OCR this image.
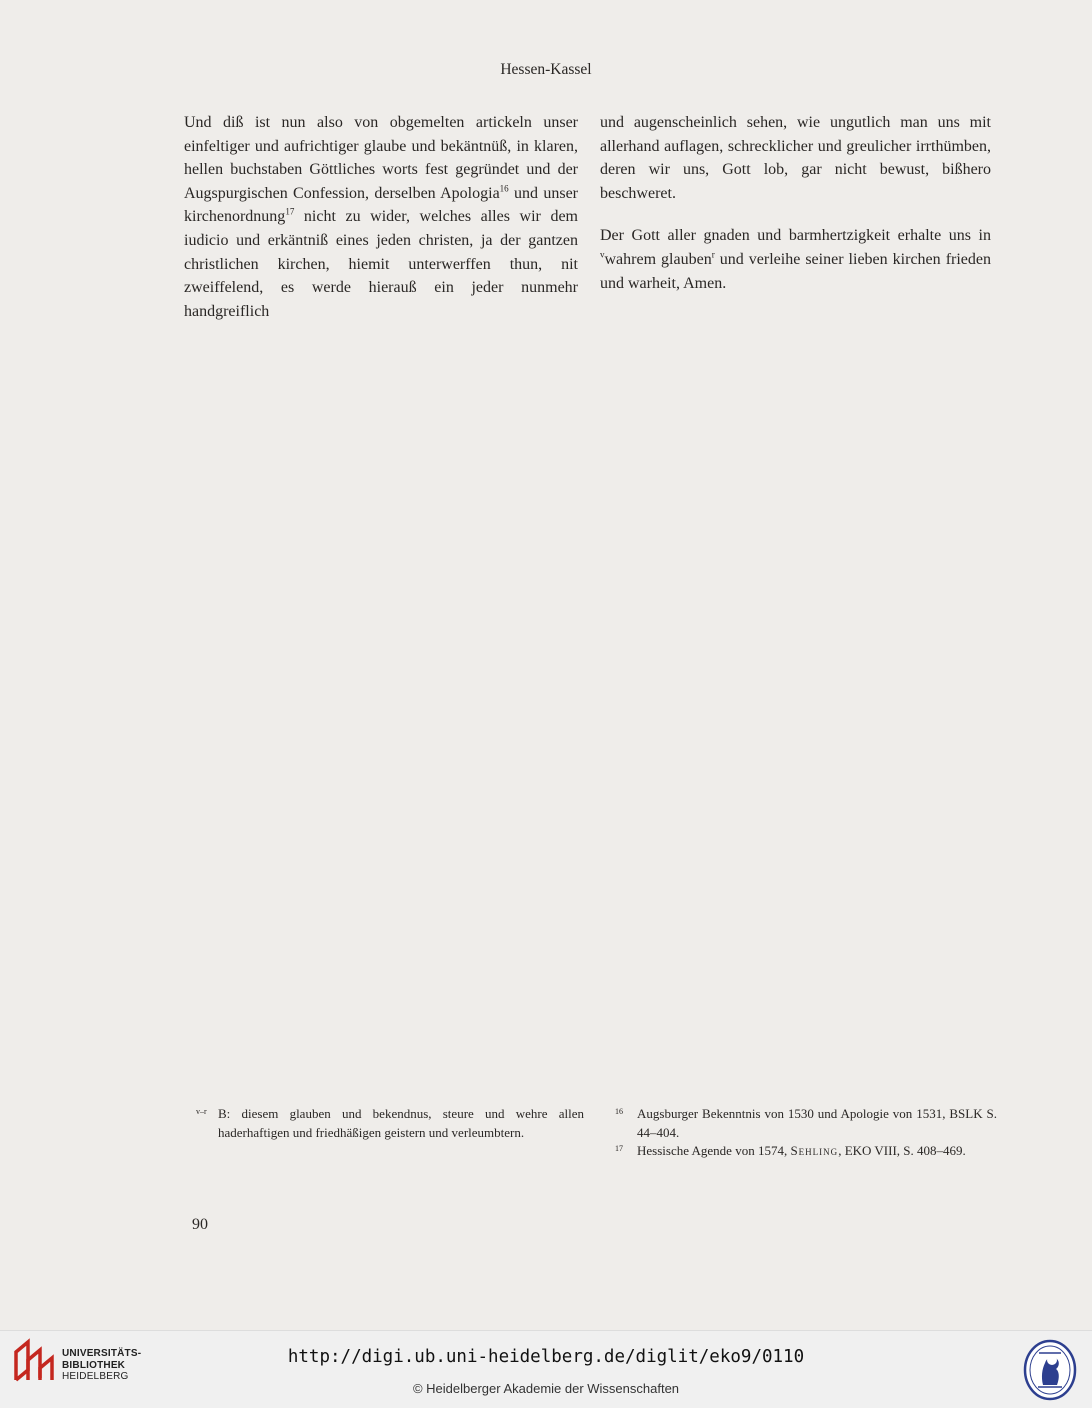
Hessen-Kassel

Und diß ist nun also von obgemelten artickeln unser einfeltiger und aufrichtiger glaube und bekäntnüß, in klaren, hellen buchstaben Göttliches worts fest gegründet und der Augspurgischen Confession, derselben Apologia$^{16}$ und unser kirchenordnung$^{17}$ nicht zu wider, welches alles wir dem iudicio und erkäntniß eines jeden christen, ja der gantzen christlichen kirchen, hiemit unterwerffen thun, nit zweiffelend, es werde hierauß ein jeder nunmehr handgreiflich

und augenscheinlich sehen, wie ungutlich man uns mit allerhand auflagen, schrecklicher und greulicher irrthümben, deren wir uns, Gott lob, gar nicht bewust, bißhero beschweret.

Der Gott aller gnaden und barmhertzigkeit erhalte uns in $^v$wahrem glauben$^r$ und verleihe seiner lieben kirchen frieden und warheit, Amen.

v–r B: diesem glauben und bekendnus, steure und wehre allen haderhaftigen und friedhäßigen geistern und verleumbtern.
16	Augsburger Bekenntnis von 1530 und Apologie von 1531, BSLK S. 44–404.
17	Hessische Agende von 1574, Sehling, EKO VIII, S. 408–469.
90
UNIVERSITÄTS-
BIBLIOTHEK
HEIDELBERG
http://digi.ub.uni-heidelberg.de/diglit/eko9/0110
© Heidelberger Akademie der Wissenschaften
